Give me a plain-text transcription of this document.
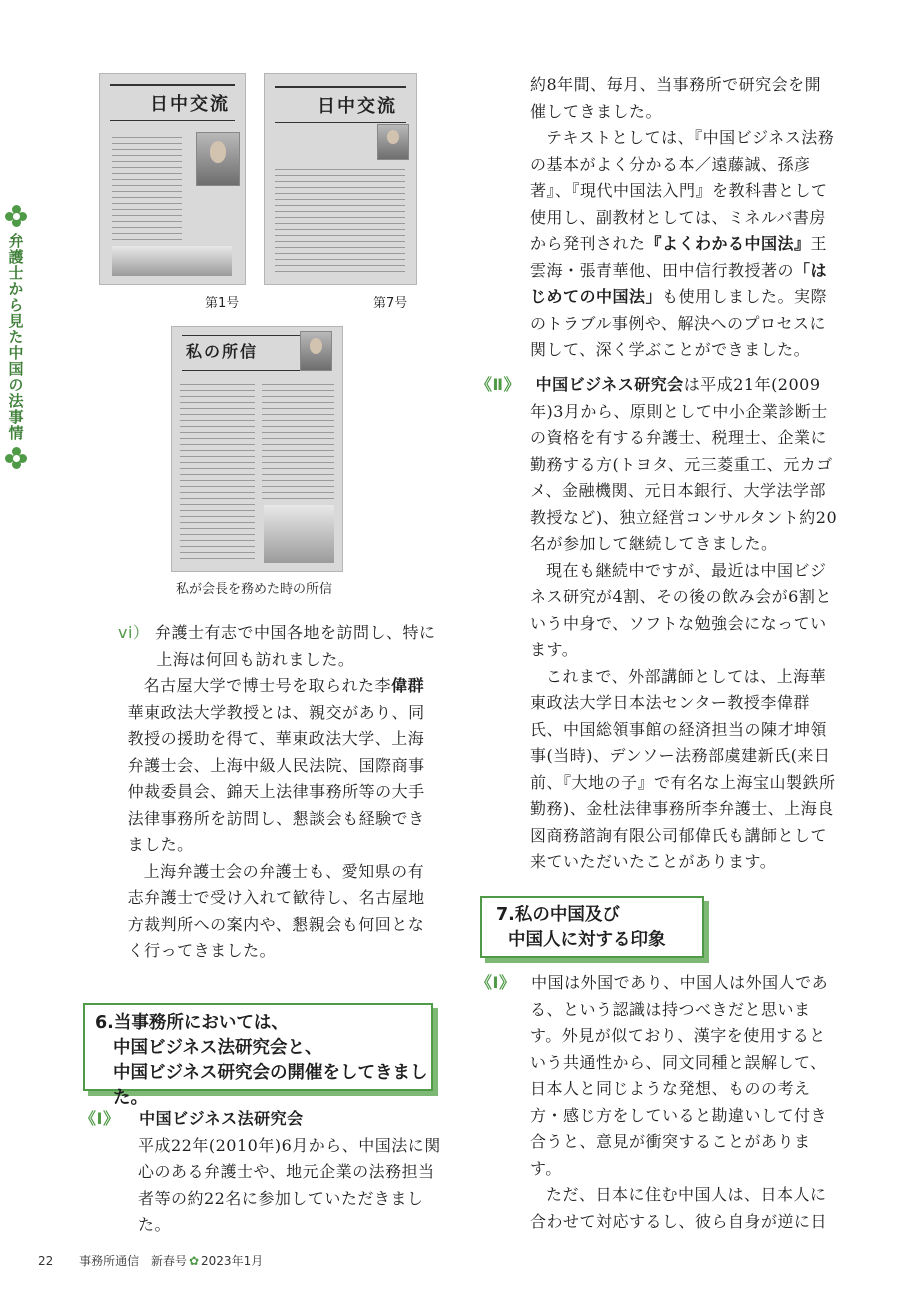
弁護士から見た中国の法事情
日中交流
第1号
日中交流
第7号
私の所信
私が会長を務めた時の所信

vi） 弁護士有志で中国各地を訪問し、特に上海は何回も訪れました。

名古屋大学で博士号を取られた李偉群華東政法大学教授とは、親交があり、同教授の援助を得て、華東政法大学、上海弁護士会、上海中級人民法院、国際商事仲裁委員会、錦天上法律事務所等の大手法律事務所を訪問し、懇談会も経験できました。

上海弁護士会の弁護士も、愛知県の有志弁護士で受け入れて歓待し、名古屋地方裁判所への案内や、懇親会も何回となく行ってきました。

6.当事務所においては、
中国ビジネス法研究会と、
中国ビジネス研究会の開催をしてきました。

《Ⅰ》 中国ビジネス法研究会

平成22年(2010年)6月から、中国法に関心のある弁護士や、地元企業の法務担当者等の約22名に参加していただきました。

約8年間、毎月、当事務所で研究会を開催してきました。

テキストとしては、『中国ビジネス法務の基本がよく分かる本／遠藤誠、孫彦著』、『現代中国法入門』を教科書として使用し、副教材としては、ミネルバ書房から発刊された『よくわかる中国法』王雲海・張青華他、田中信行教授著の「はじめての中国法」も使用しました。実際のトラブル事例や、解決へのプロセスに関して、深く学ぶことができました。

《Ⅱ》 中国ビジネス研究会は平成21年(2009年)3月から、原則として中小企業診断士の資格を有する弁護士、税理士、企業に勤務する方(トヨタ、元三菱重工、元カゴメ、金融機関、元日本銀行、大学法学部教授など)、独立経営コンサルタント約20名が参加して継続してきました。

現在も継続中ですが、最近は中国ビジネス研究が4割、その後の飲み会が6割という中身で、ソフトな勉強会になっています。

これまで、外部講師としては、上海華東政法大学日本法センター教授李偉群氏、中国総領事館の経済担当の陳才坤領事(当時)、デンソー法務部虞建新氏(来日前、『大地の子』で有名な上海宝山製鉄所勤務)、金杜法律事務所李弁護士、上海良図商務諮詢有限公司郁偉氏も講師として来ていただいたことがあります。

7.私の中国及び
中国人に対する印象

《Ⅰ》 中国は外国であり、中国人は外国人である、という認識は持つべきだと思います。外見が似ており、漢字を使用するという共通性から、同文同種と誤解して、日本人と同じような発想、ものの考え方・感じ方をしていると勘違いして付き合うと、意見が衝突することがあります。

ただ、日本に住む中国人は、日本人に合わせて対応するし、彼ら自身が逆に日

22 事務所通信 新春号 ✿ 2023年1月
